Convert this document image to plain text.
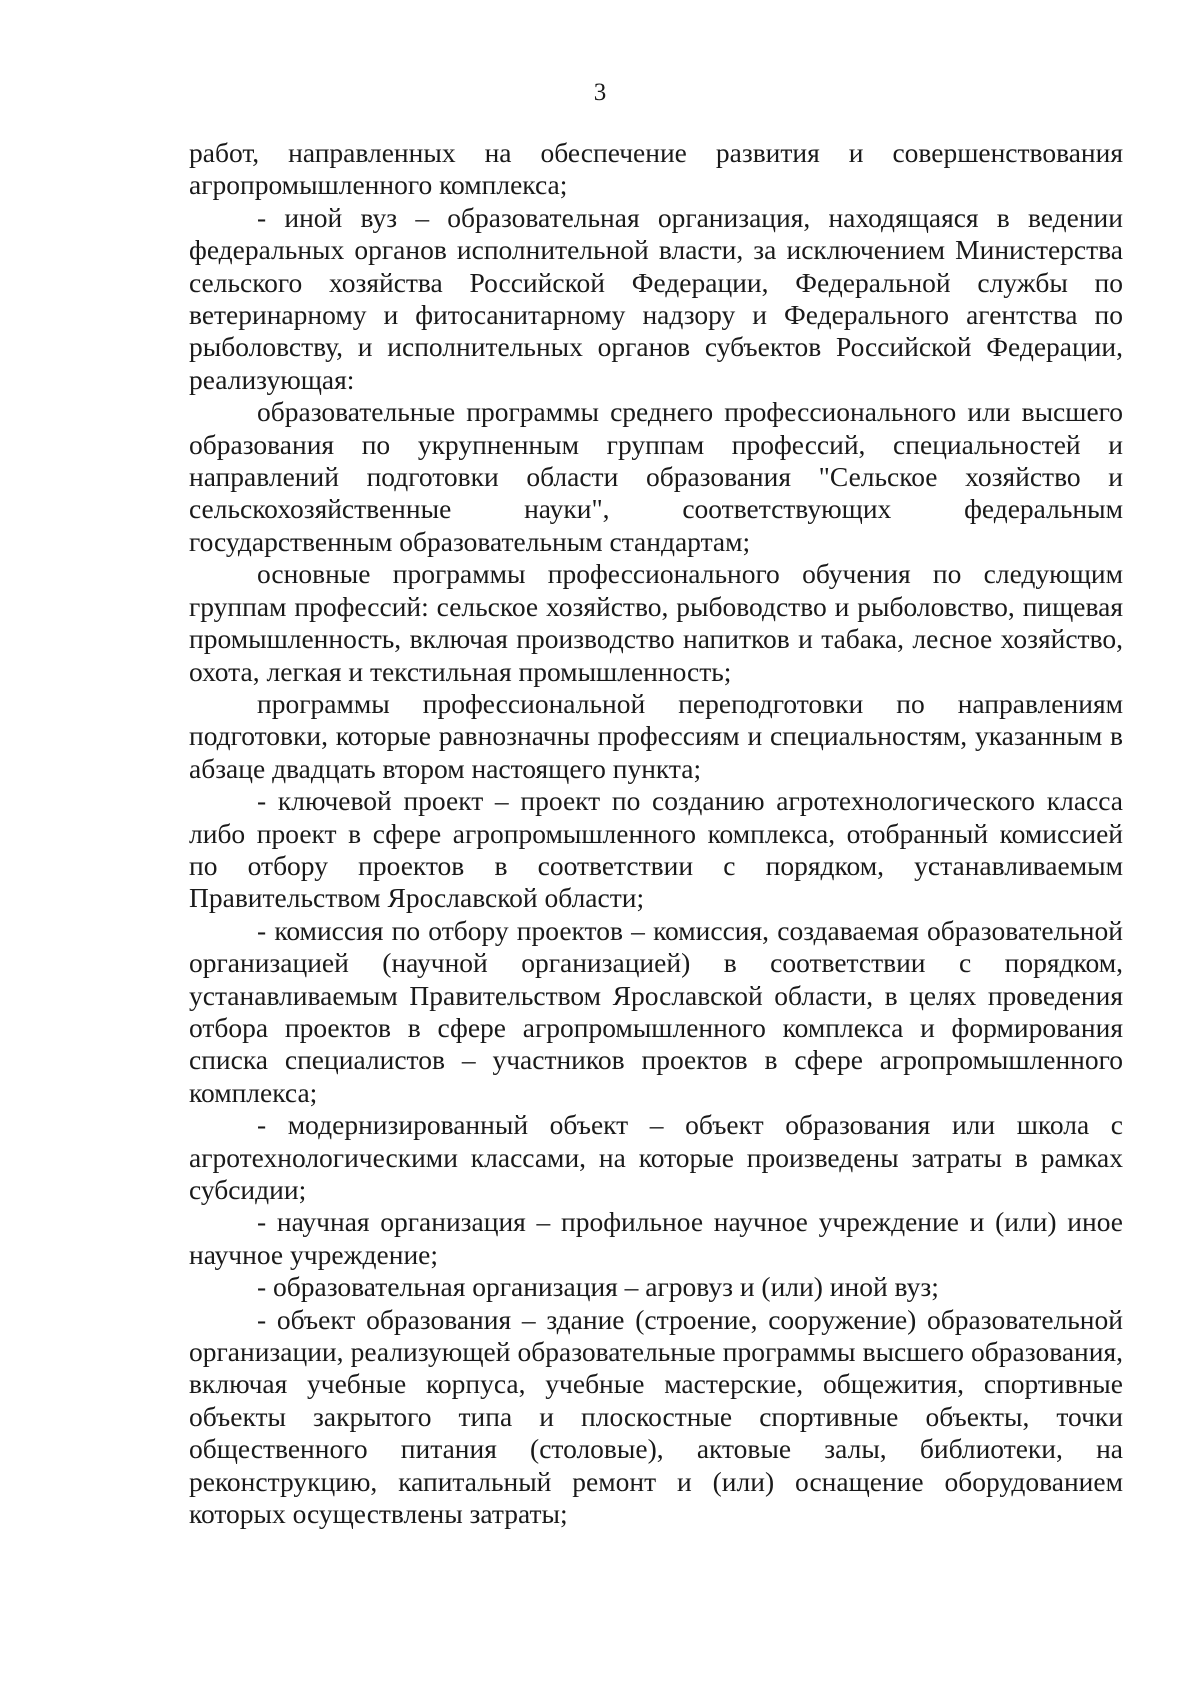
3

работ, направленных на обеспечение развития и совершенствования агропромышленного комплекса;

- иной вуз – образовательная организация, находящаяся в ведении федеральных органов исполнительной власти, за исключением Министерства сельского хозяйства Российской Федерации, Федеральной службы по ветеринарному и фитосанитарному надзору и Федерального агентства по рыболовству, и исполнительных органов субъектов Российской Федерации, реализующая:

образовательные программы среднего профессионального или высшего образования по укрупненным группам профессий, специальностей и направлений подготовки области образования "Сельское хозяйство и сельскохозяйственные науки", соответствующих федеральным государственным образовательным стандартам;

основные программы профессионального обучения по следующим группам профессий: сельское хозяйство, рыбоводство и рыболовство, пищевая промышленность, включая производство напитков и табака, лесное хозяйство, охота, легкая и текстильная промышленность;

программы профессиональной переподготовки по направлениям подготовки, которые равнозначны профессиям и специальностям, указанным в абзаце двадцать втором настоящего пункта;

- ключевой проект – проект по созданию агротехнологического класса либо проект в сфере агропромышленного комплекса, отобранный комиссией по отбору проектов в соответствии с порядком, устанавливаемым Правительством Ярославской области;

- комиссия по отбору проектов – комиссия, создаваемая образовательной организацией (научной организацией) в соответствии с порядком, устанавливаемым Правительством Ярославской области, в целях проведения отбора проектов в сфере агропромышленного комплекса и формирования списка специалистов – участников проектов в сфере агропромышленного комплекса;

- модернизированный объект – объект образования или школа с агротехнологическими классами, на которые произведены затраты в рамках субсидии;

- научная организация – профильное научное учреждение и (или) иное научное учреждение;

- образовательная организация – агровуз и (или) иной вуз;

- объект образования – здание (строение, сооружение) образовательной организации, реализующей образовательные программы высшего образования, включая учебные корпуса, учебные мастерские, общежития, спортивные объекты закрытого типа и плоскостные спортивные объекты, точки общественного питания (столовые), актовые залы, библиотеки, на реконструкцию, капитальный ремонт и (или) оснащение оборудованием которых осуществлены затраты;
